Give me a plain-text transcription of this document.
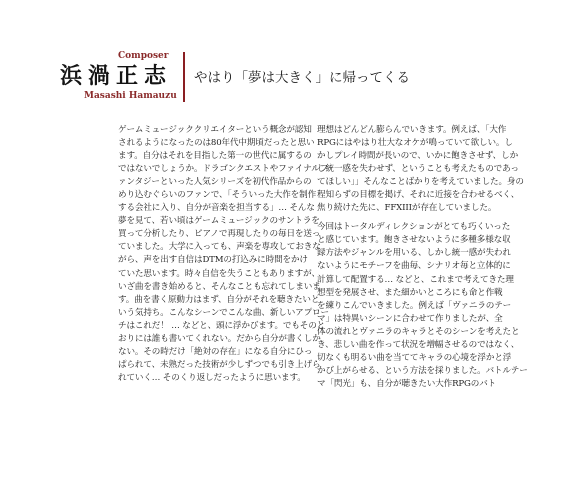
Composer
浜渦正志
Masashi Hamauzu
やはり「夢は大きく」に帰ってくる
ゲームミュージッククリエイターという概念が認知
されるようになったのは80年代中期頃だったと思い
ます。自分はそれを目指した第一の世代に属するの
ではないでしょうか。ドラゴンクエストやファイナルフ
ァンタジーといった人気シリーズを初代作品からの
めり込むぐらいのファンで、「そういった大作を制作
する会社に入り、自分が音楽を担当する」… そんな
夢を見て、若い頃はゲームミュージックのサントラを
買って分析したり、ピアノで再現したりの毎日を送っ
ていました。大学に入っても、声楽を専攻しておきな
がら、声を出す自信はDTMの打込みに時間をかけ
ていた思います。時々自信を失うこともありますが、
いざ曲を書き始めると、そんなことも忘れてしまいま
す。曲を書く原動力はまず、自分がそれを聴きたいと
いう気持ち。こんなシーンでこんな曲、新しいアプロー
チはこれだ！ … などと、頭に浮かびます。でもそのと
おりには誰も書いてくれない。だから自分が書くしか
ない。その時だけ「絶対の存在」になる自分にひっ
ぱられて、未熟だった技術が少しずつでも引き上げら
れていく… そのくり返しだったように思います。
理想はどんどん膨らんでいきます。例えば、「大作
RPGにはやはり壮大なオケが鳴っていて欲しい。し
かしプレイ時間が長いので、いかに飽きさせず、しか
し統一感を失わせず、ということも考えたものであっ
てほしい」」そんなことばかりを考えていました。身の
程知らずの目標を掲げ、それに近接を合わせるべく、
焦り続けた先に、FFXIIIが存在していました。
今回はトータルディレクションがとても巧くいった
と感じています。飽きさせないように多種多様な収
録方法やジャンルを用いる、しかし統一感が失われ
ないようにモチーフを曲毎、シナリオ毎と立体的に
計算して配置する… などと、これまで考えてきた理
想型を発展させ、また細かいところにも命と作戦
を練りこんでいきました。例えば「ヴァニラのテー
マ」は特異いシーンに合わせて作りましたが、全
体の流れとヴァニラのキャラとそのシーンを考えたと
き、悲しい曲を作って状況を増幅させるのではなく、
切なくも明るい曲を当ててキャラの心境を浮かと浮
かび上がらせる、という方法を採りました。バトルテー
マ「閃光」も、自分が聴きたい大作RPGのバト
